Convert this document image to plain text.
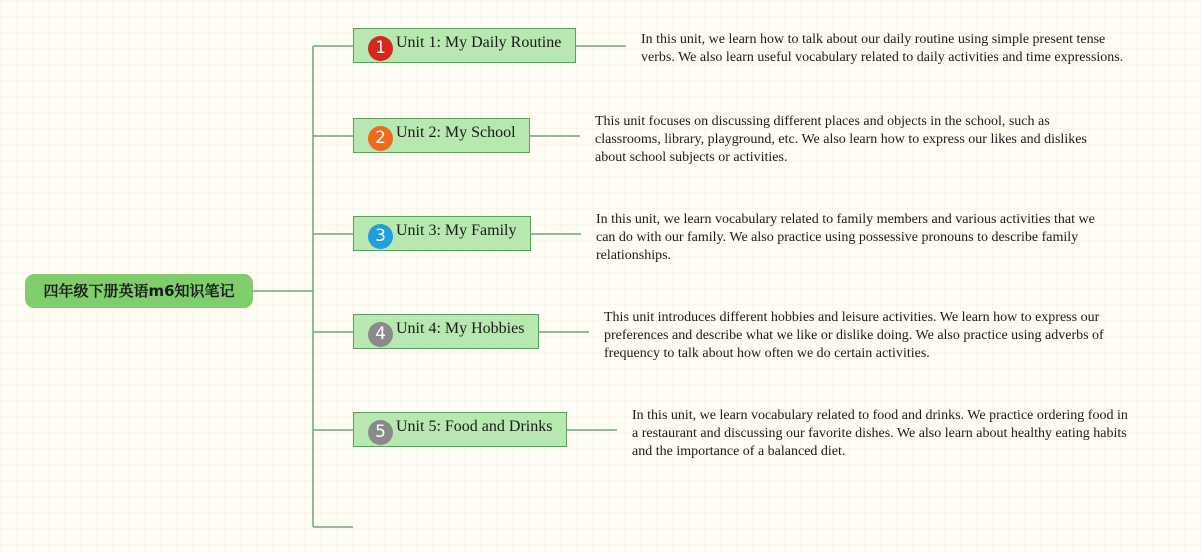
四年级下册英语m6知识笔记
1 Unit 1: My Daily Routine	In this unit, we learn how to talk about our daily routine using simple present tense verbs. We also learn useful vocabulary related to daily activities and time expressions.
2 Unit 2: My School
This unit focuses on discussing different places and objects in the school, such as classrooms, library, playground, etc. We also learn how to express our likes and dislikes about school subjects or activities.
3 Unit 3: My Family
In this unit, we learn vocabulary related to family members and various activities that we can do with our family. We also practice using possessive pronouns to describe family relationships.
4 Unit 4: My Hobbies
This unit introduces different hobbies and leisure activities. We learn how to express our preferences and describe what we like or dislike doing. We also practice using adverbs of frequency to talk about how often we do certain activities.
5 Unit 5: Food and Drinks
In this unit, we learn vocabulary related to food and drinks. We practice ordering food in a restaurant and discussing our favorite dishes. We also learn about healthy eating habits and the importance of a balanced diet.
